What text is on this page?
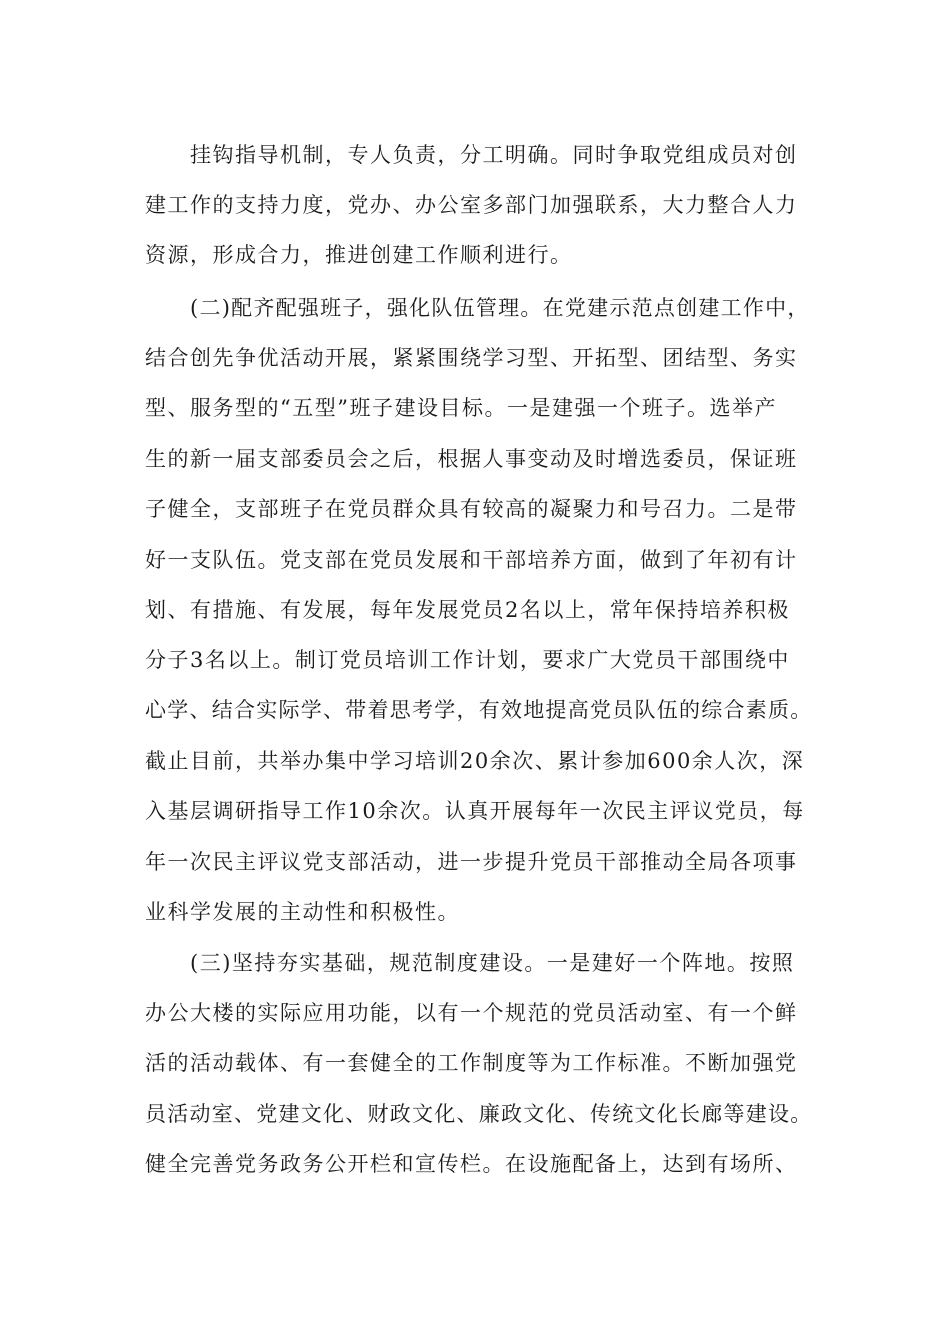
挂钩指导机制，专人负责，分工明确。同时争取党组成员对创
建工作的支持力度，党办、办公室多部门加强联系，大力整合人力
资源，形成合力，推进创建工作顺利进行。
(二)配齐配强班子，强化队伍管理。在党建示范点创建工作中，
结合创先争优活动开展，紧紧围绕学习型、开拓型、团结型、务实
型、服务型的“五型”班子建设目标。一是建强一个班子。选举产
生的新一届支部委员会之后，根据人事变动及时增选委员，保证班
子健全，支部班子在党员群众具有较高的凝聚力和号召力。二是带
好一支队伍。党支部在党员发展和干部培养方面，做到了年初有计
划、有措施、有发展，每年发展党员2名以上，常年保持培养积极
分子3名以上。制订党员培训工作计划，要求广大党员干部围绕中
心学、结合实际学、带着思考学，有效地提高党员队伍的综合素质。
截止目前，共举办集中学习培训20余次、累计参加600余人次，深
入基层调研指导工作10余次。认真开展每年一次民主评议党员，每
年一次民主评议党支部活动，进一步提升党员干部推动全局各项事
业科学发展的主动性和积极性。
(三)坚持夯实基础，规范制度建设。一是建好一个阵地。按照
办公大楼的实际应用功能，以有一个规范的党员活动室、有一个鲜
活的活动载体、有一套健全的工作制度等为工作标准。不断加强党
员活动室、党建文化、财政文化、廉政文化、传统文化长廊等建设。
健全完善党务政务公开栏和宣传栏。在设施配备上，达到有场所、
